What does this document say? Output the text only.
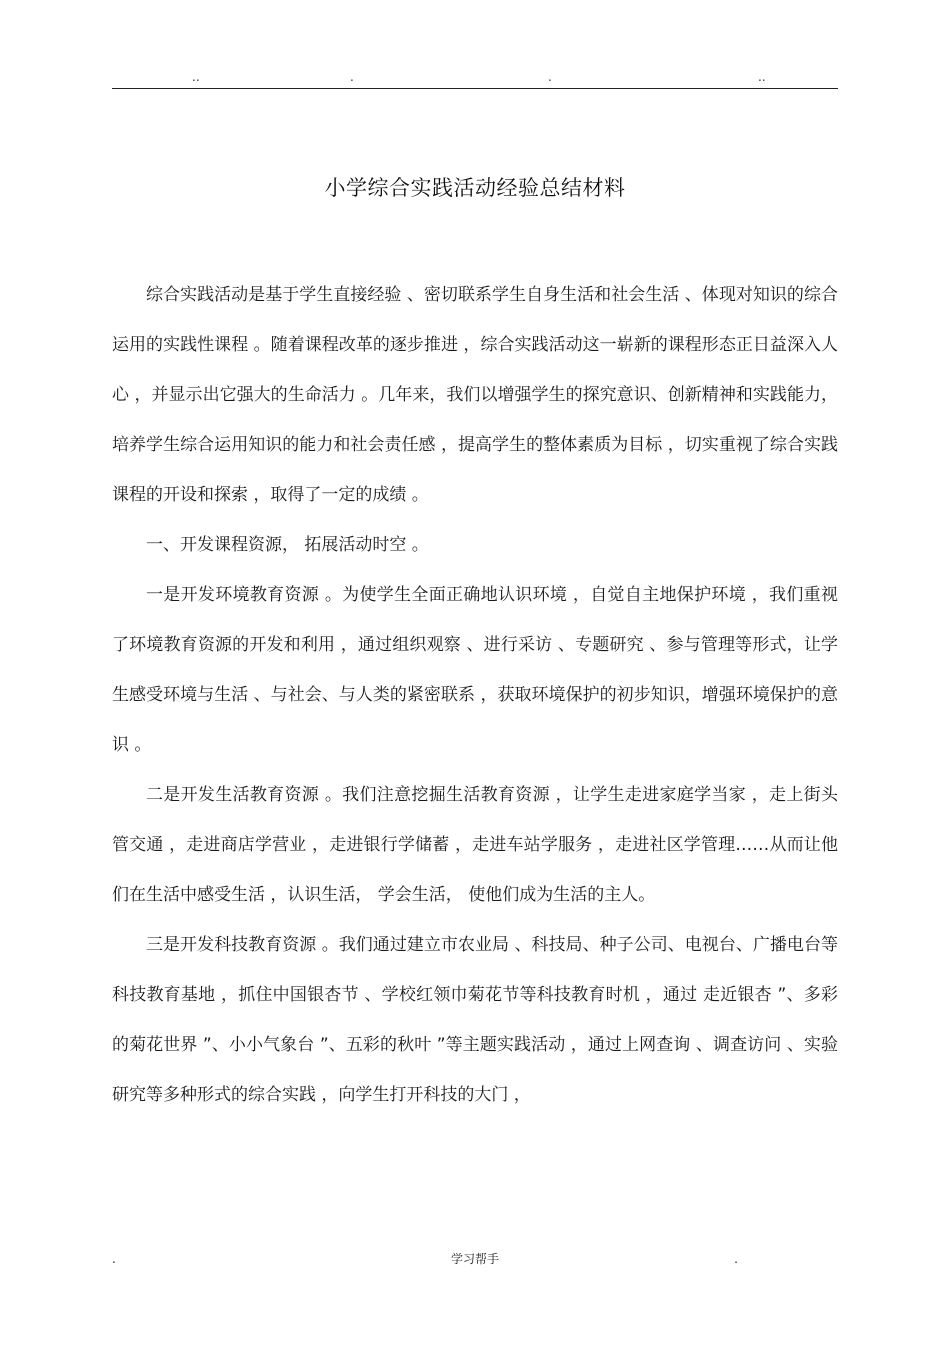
..	.	.	..
小学综合实践活动经验总结材料

综合实践活动是基于学生直接经验 、密切联系学生自身生活和社会生活 、体现对知识的综合运用的实践性课程 。随着课程改革的逐步推进 ，综合实践活动这一崭新的课程形态正日益深入人心 ，并显示出它强大的生命活力 。几年来，我们以增强学生的探究意识、创新精神和实践能力，培养学生综合运用知识的能力和社会责任感 ，提高学生的整体素质为目标 ，切实重视了综合实践课程的开设和探索 ，取得了一定的成绩 。

一、开发课程资源， 拓展活动时空 。

一是开发环境教育资源 。为使学生全面正确地认识环境 ，自觉自主地保护环境 ，我们重视了环境教育资源的开发和利用 ，通过组织观察 、进行采访 、专题研究 、参与管理等形式，让学生感受环境与生活 、与社会、与人类的紧密联系 ，获取环境保护的初步知识，增强环境保护的意识 。

二是开发生活教育资源 。我们注意挖掘生活教育资源 ，让学生走进家庭学当家 ，走上街头管交通 ，走进商店学营业 ，走进银行学储蓄 ，走进车站学服务 ，走进社区学管理……从而让他们在生活中感受生活 ，认识生活， 学会生活， 使他们成为生活的主人。

三是开发科技教育资源 。我们通过建立市农业局 、科技局、种子公司、电视台、广播电台等科技教育基地 ，抓住中国银杏节 、学校红领巾菊花节等科技教育时机 ，通过 走近银杏 ”、多彩的菊花世界 ”、小小气象台 ”、五彩的秋叶 ”等主题实践活动 ，通过上网查询 、调查访问 、实验研究等多种形式的综合实践 ，向学生打开科技的大门 ，

.	学习帮手	.
